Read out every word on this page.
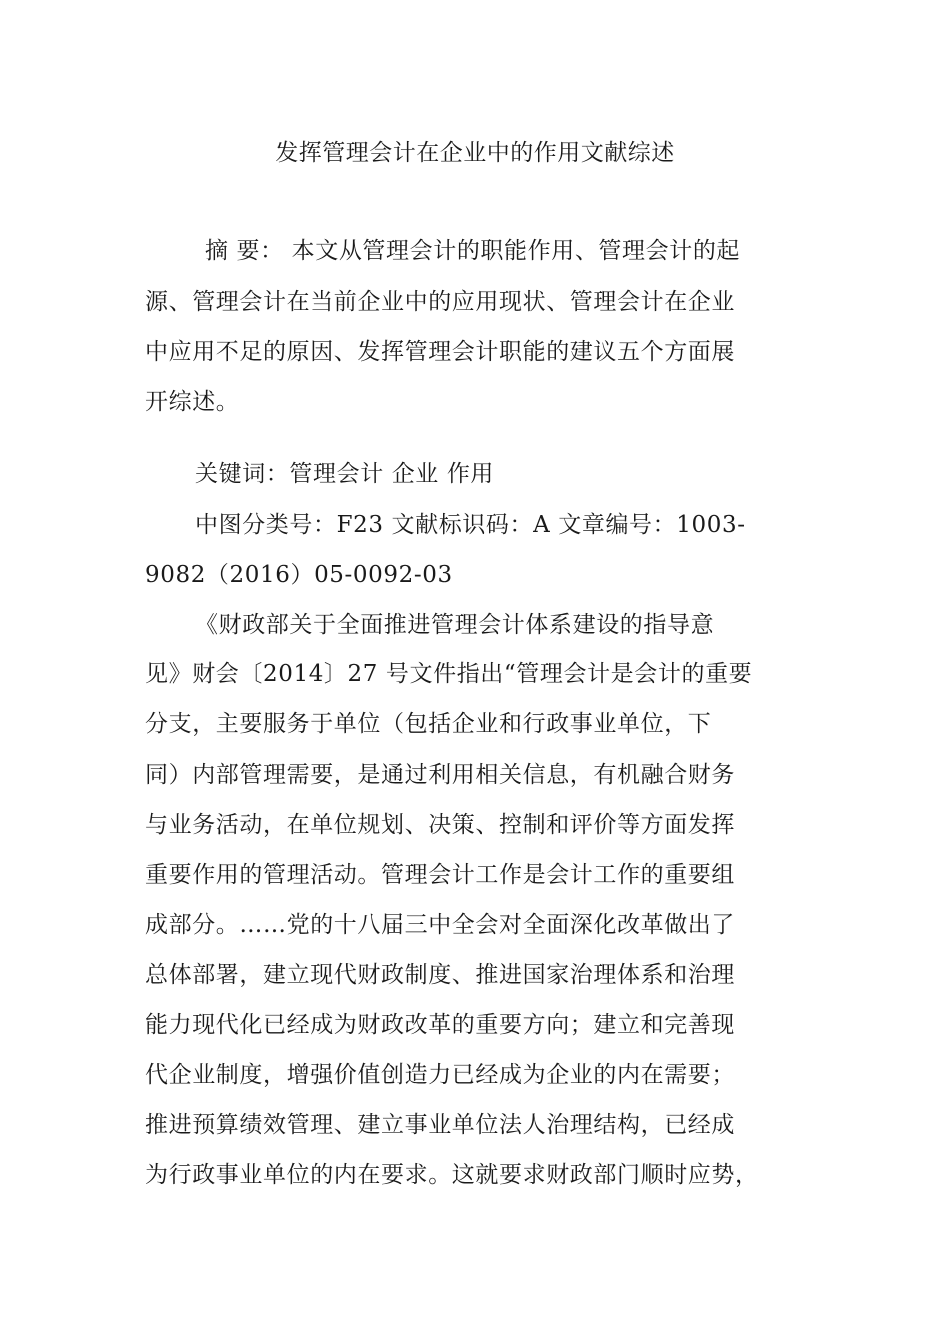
发挥管理会计在企业中的作用文献综述
摘 要： 本文从管理会计的职能作用、管理会计的起
源、管理会计在当前企业中的应用现状、管理会计在企业
中应用不足的原因、发挥管理会计职能的建议五个方面展
开综述。
关键词：管理会计 企业 作用
中图分类号：F23 文献标识码：A 文章编号：1003-
9082（2016）05-0092-03
《财政部关于全面推进管理会计体系建设的指导意
见》财会〔2014〕27 号文件指出“管理会计是会计的重要
分支，主要服务于单位（包括企业和行政事业单位，下
同）内部管理需要，是通过利用相关信息，有机融合财务
与业务活动，在单位规划、决策、控制和评价等方面发挥
重要作用的管理活动。管理会计工作是会计工作的重要组
成部分。……党的十八届三中全会对全面深化改革做出了
总体部署，建立现代财政制度、推进国家治理体系和治理
能力现代化已经成为财政改革的重要方向；建立和完善现
代企业制度，增强价值创造力已经成为企业的内在需要；
推进预算绩效管理、建立事业单位法人治理结构，已经成
为行政事业单位的内在要求。这就要求财政部门顺时应势，
